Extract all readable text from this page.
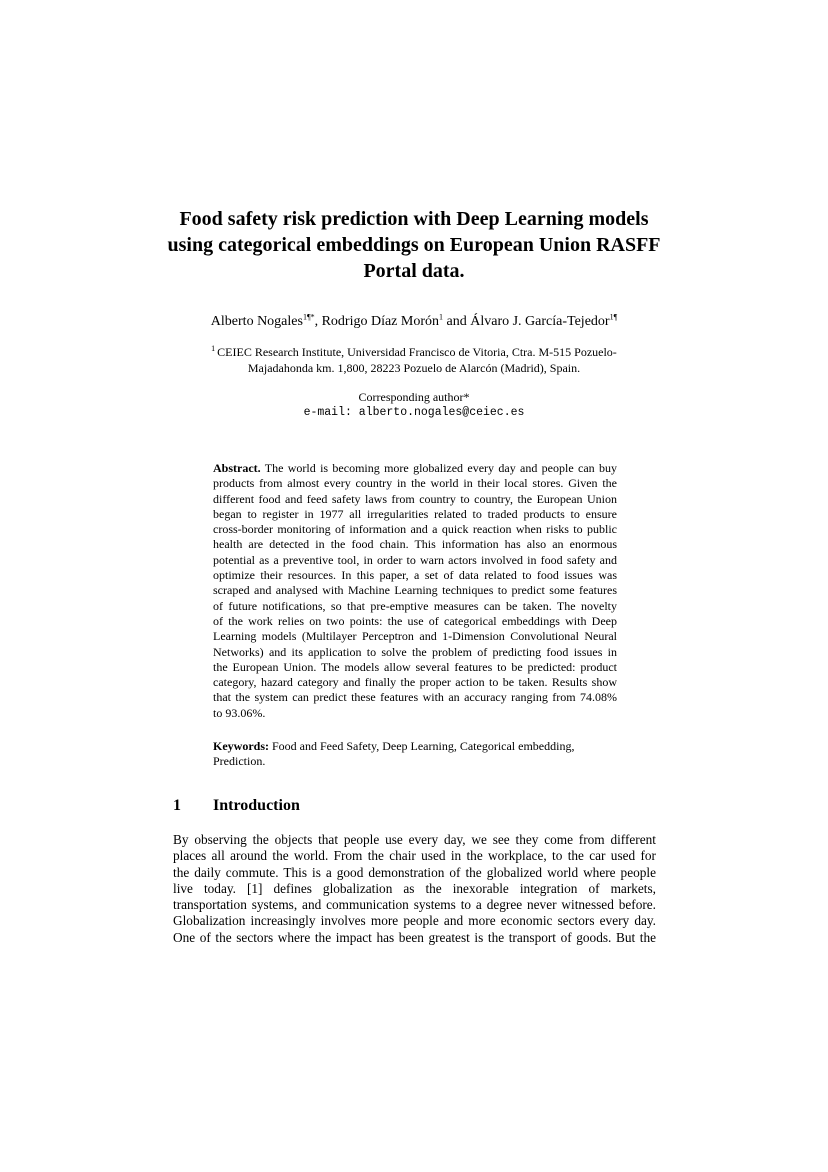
Food safety risk prediction with Deep Learning models
using categorical embeddings on European Union RASFF
Portal data.
Alberto Nogales$^{1\P*}$, Rodrigo Díaz Morón$^1$ and Álvaro J. García-Tejedor$^{1\P}$
$^1$ CEIEC Research Institute, Universidad Francisco de Vitoria, Ctra. M-515 Pozuelo-
Majadahonda km. 1,800, 28223 Pozuelo de Alarcón (Madrid), Spain.
Corresponding author*
e-mail: alberto.nogales@ceiec.es
Abstract. The world is becoming more globalized every day and people can buy
products from almost every country in the world in their local stores. Given the
different food and feed safety laws from country to country, the European Union
began to register in 1977 all irregularities related to traded products to ensure
cross-border monitoring of information and a quick reaction when risks to public
health are detected in the food chain. This information has also an enormous
potential as a preventive tool, in order to warn actors involved in food safety and
optimize their resources. In this paper, a set of data related to food issues was
scraped and analysed with Machine Learning techniques to predict some features
of future notifications, so that pre-emptive measures can be taken. The novelty
of the work relies on two points: the use of categorical embeddings with Deep
Learning models (Multilayer Perceptron and 1-Dimension Convolutional Neural
Networks) and its application to solve the problem of predicting food issues in
the European Union. The models allow several features to be predicted: product
category, hazard category and finally the proper action to be taken. Results show
that the system can predict these features with an accuracy ranging from 74.08%
to 93.06%.
Keywords: Food and Feed Safety, Deep Learning, Categorical embedding,
Prediction.
1 Introduction
By observing the objects that people use every day, we see they come from different
places all around the world. From the chair used in the workplace, to the car used for
the daily commute. This is a good demonstration of the globalized world where people
live today. [1] defines globalization as the inexorable integration of markets,
transportation systems, and communication systems to a degree never witnessed before.
Globalization increasingly involves more people and more economic sectors every day.
One of the sectors where the impact has been greatest is the transport of goods. But the
